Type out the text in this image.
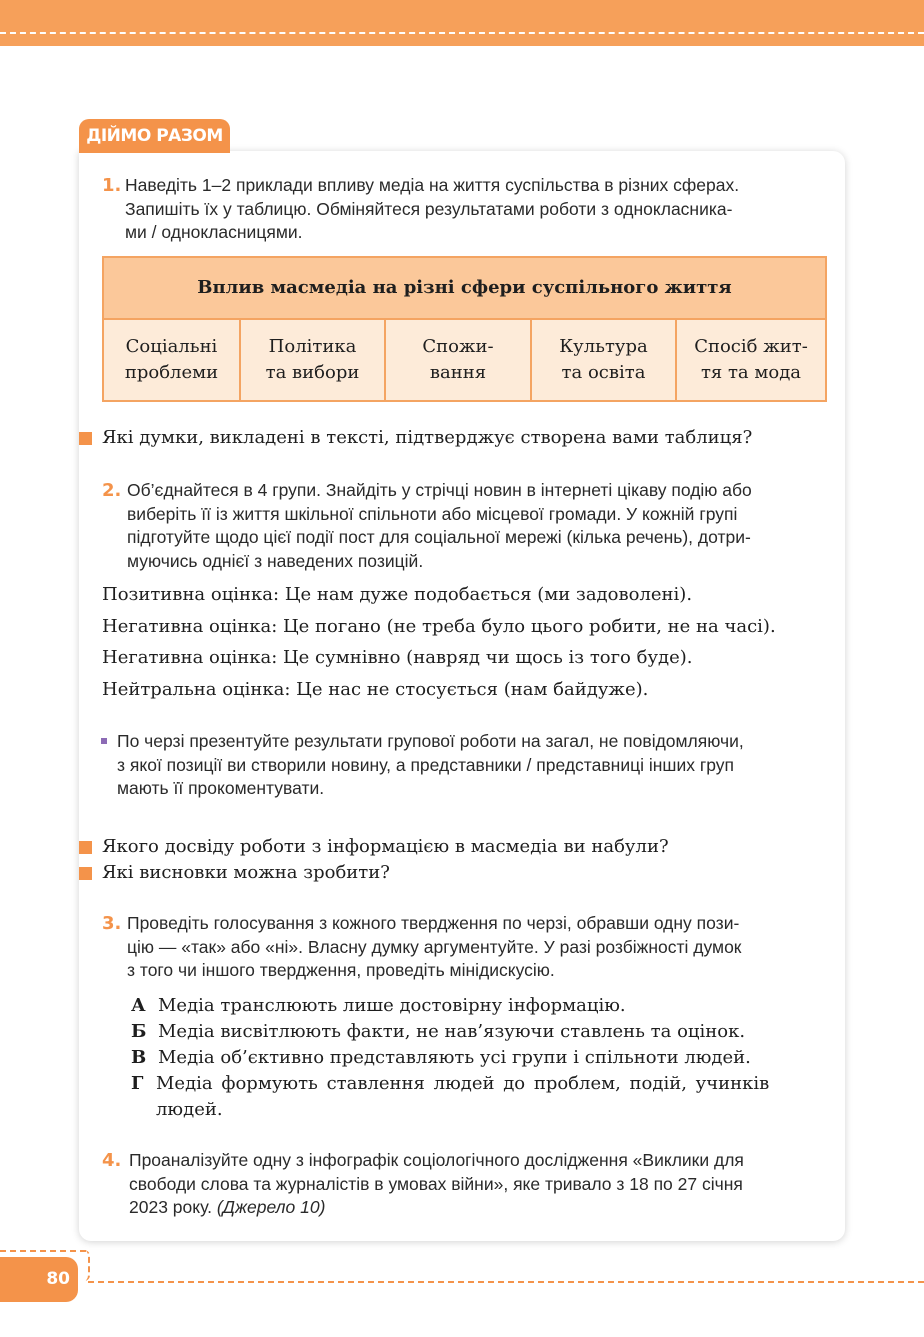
ДІЙМО РАЗОМ
1. Наведіть 1–2 приклади впливу медіа на життя суспільства в різних сферах.
Запишіть їх у таблицю. Обміняйтеся результатами роботи з однокласника-
ми / однокласницями.
Вплив масмедіа на різні сфери суспільного життя
Соціальні
проблеми
Політика
та вибори
Спожи-
вання
Культура
та освіта
Спосіб жит-
тя та мода
Які думки, викладені в тексті, підтверджує створена вами таблиця?
2. Об’єднайтеся в 4 групи. Знайдіть у стрічці новин в інтернеті цікаву подію або
виберіть її із життя шкільної спільноти або місцевої громади. У кожній групі
підготуйте щодо цієї події пост для соціальної мережі (кілька речень), дотри-
муючись однієї з наведених позицій.
Позитивна оцінка: Це нам дуже подобається (ми задоволені).
Негативна оцінка: Це погано (не треба було цього робити, не на часі).
Негативна оцінка: Це сумнівно (навряд чи щось із того буде).
Нейтральна оцінка: Це нас не стосується (нам байдуже).
По черзі презентуйте результати групової роботи на загал, не повідомляючи,
з якої позиції ви створили новину, а представники / представниці інших груп
мають її прокоментувати.
Якого досвіду роботи з інформацією в масмедіа ви набули?
Які висновки можна зробити?
3. Проведіть голосування з кожного твердження по черзі, обравши одну пози-
цію — «так» або «ні». Власну думку аргументуйте. У разі розбіжності думок
з того чи іншого твердження, проведіть мінідискусію.
А Медіа транслюють лише достовірну інформацію.
Б Медіа висвітлюють факти, не нав’язуючи ставлень та оцінок.
В Медіа об’єктивно представляють усі групи і спільноти людей.
Г Медіа формують ставлення людей до проблем, подій, учинків
людей.
4. Проаналізуйте одну з інфографік соціологічного дослідження «Виклики для
свободи слова та журналістів в умовах війни», яке тривало з 18 по 27 січня
2023 року. (Джерело 10)
80
